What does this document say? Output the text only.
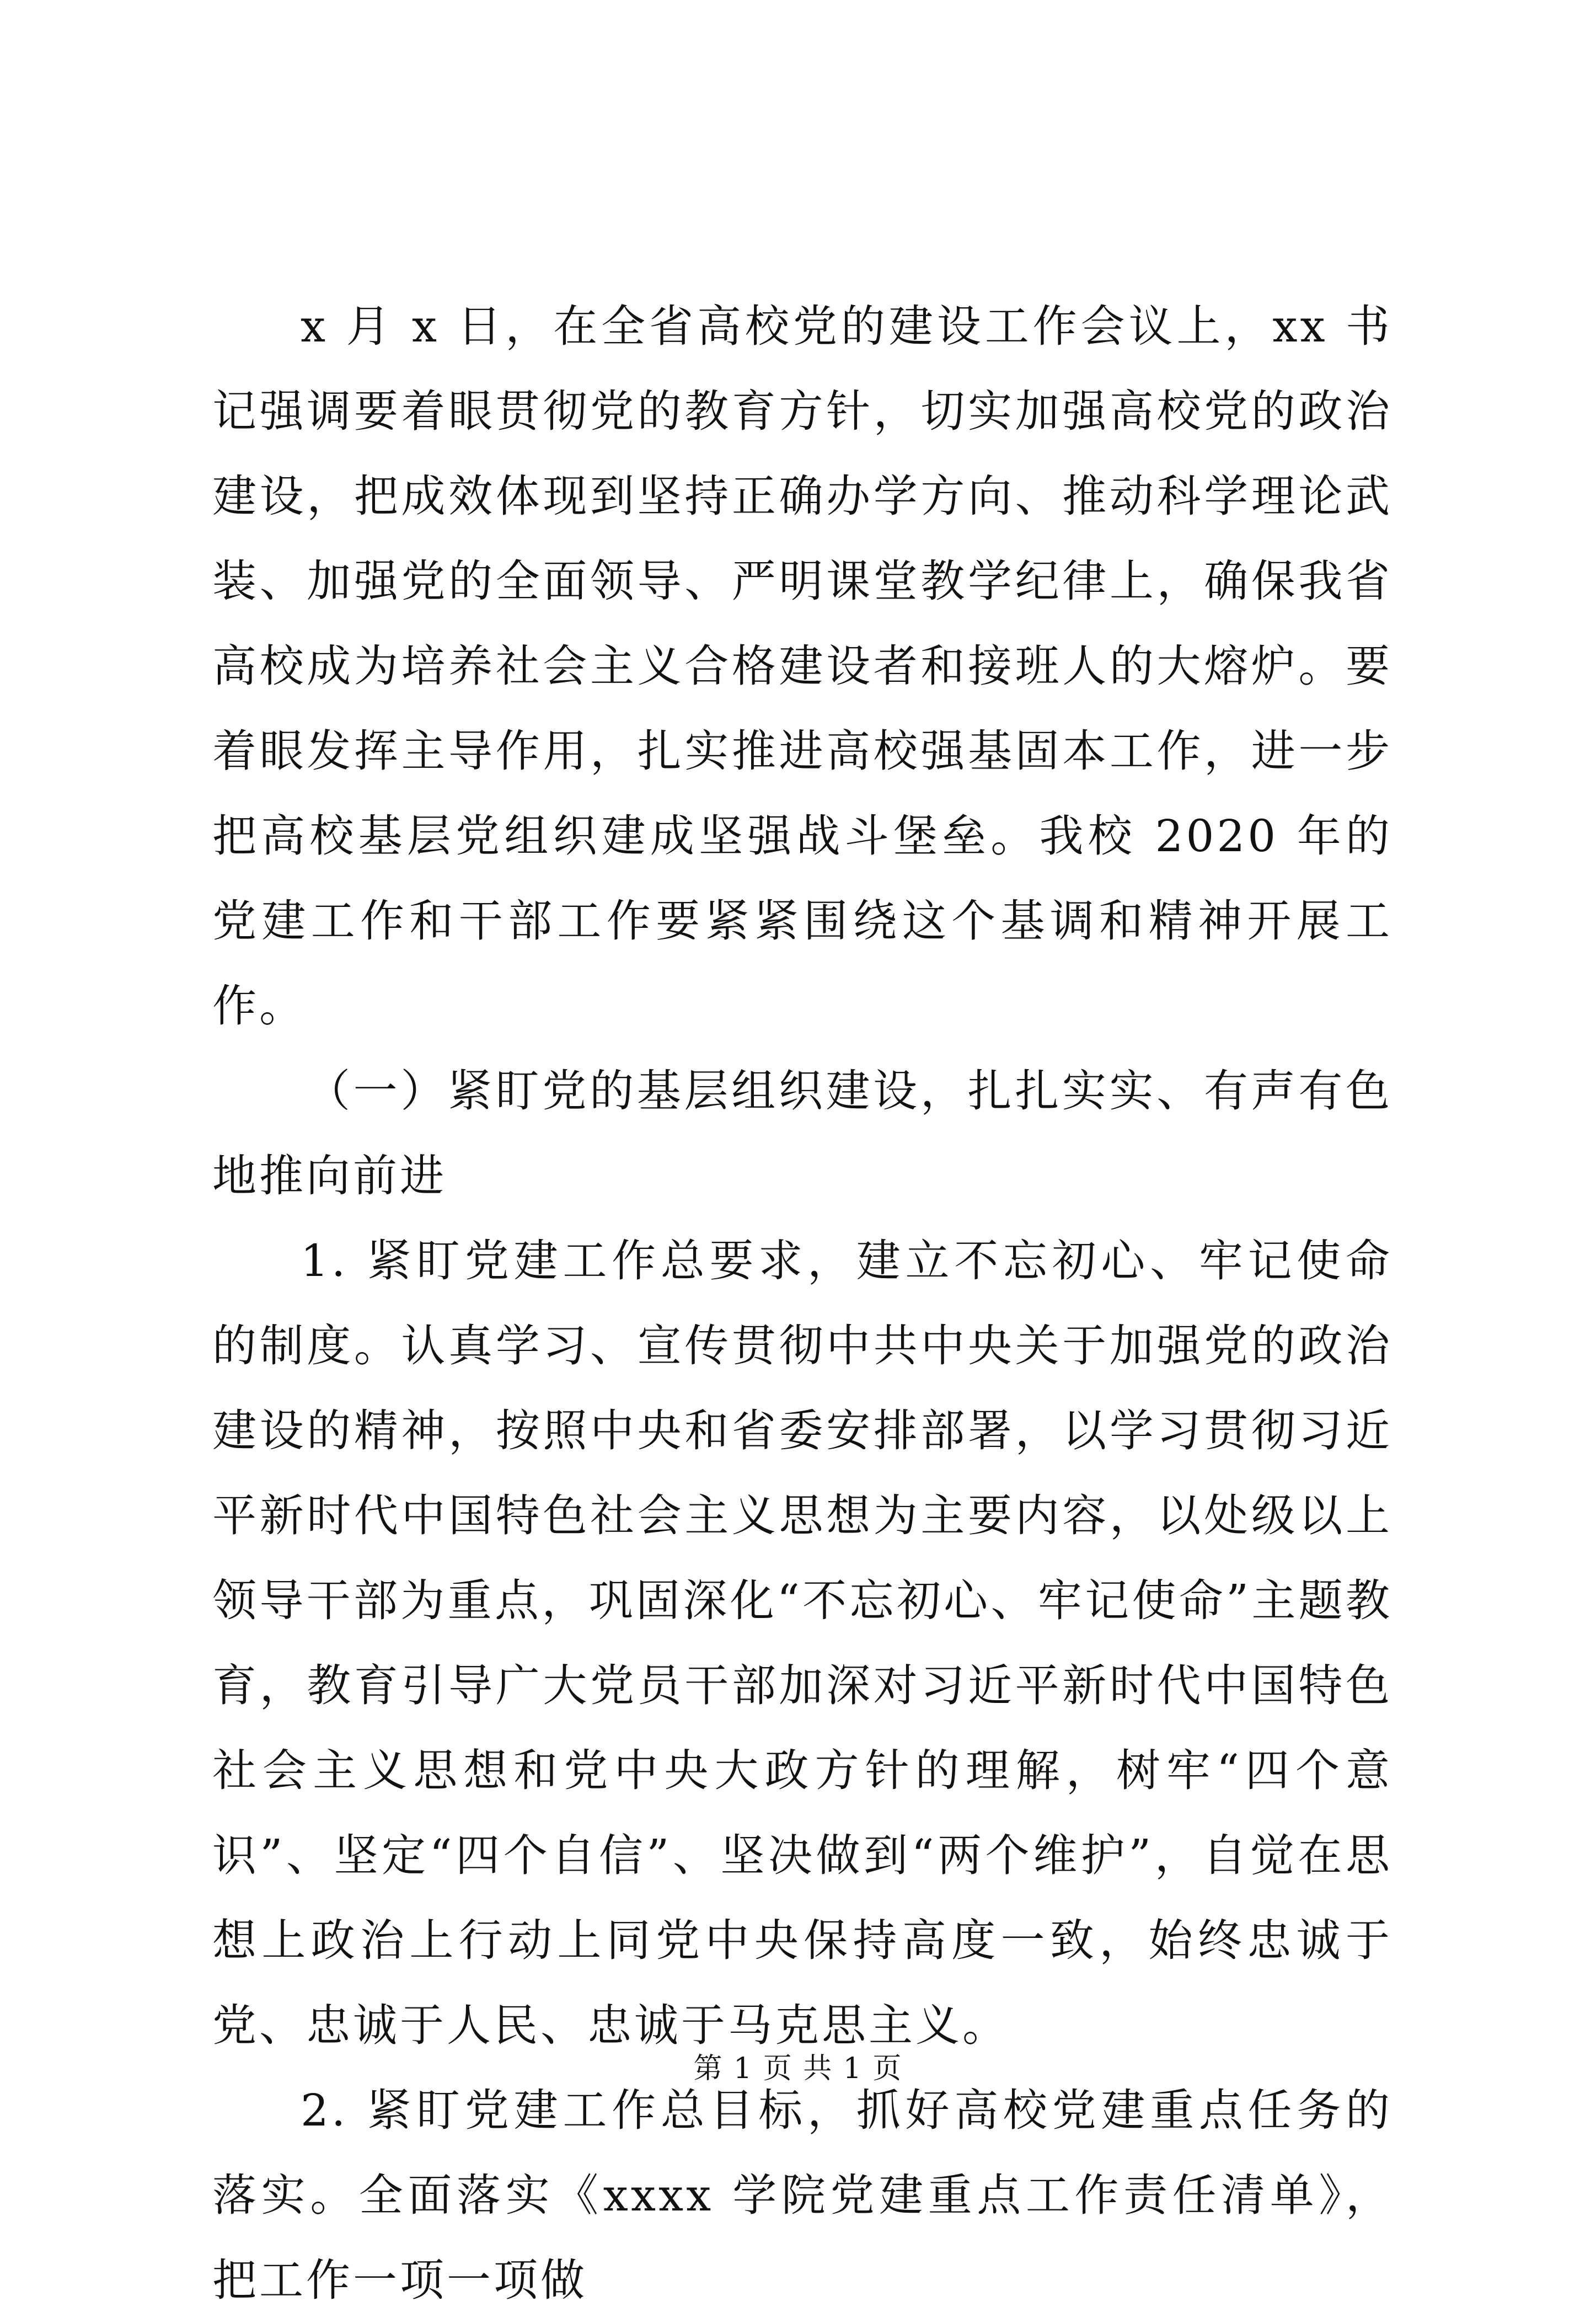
x 月 x 日，在全省高校党的建设工作会议上，xx 书记强调要着眼贯彻党的教育方针，切实加强高校党的政治建设，把成效体现到坚持正确办学方向、推动科学理论武装、加强党的全面领导、严明课堂教学纪律上，确保我省高校成为培养社会主义合格建设者和接班人的大熔炉。要着眼发挥主导作用，扎实推进高校强基固本工作，进一步把高校基层党组织建成坚强战斗堡垒。我校 2020 年的党建工作和干部工作要紧紧围绕这个基调和精神开展工作。

（一）紧盯党的基层组织建设，扎扎实实、有声有色地推向前进

1. 紧盯党建工作总要求，建立不忘初心、牢记使命的制度。认真学习、宣传贯彻中共中央关于加强党的政治建设的精神，按照中央和省委安排部署，以学习贯彻习近平新时代中国特色社会主义思想为主要内容，以处级以上领导干部为重点，巩固深化“不忘初心、牢记使命”主题教育，教育引导广大党员干部加深对习近平新时代中国特色社会主义思想和党中央大政方针的理解，树牢“四个意识”、坚定“四个自信”、坚决做到“两个维护”，自觉在思想上政治上行动上同党中央保持高度一致，始终忠诚于党、忠诚于人民、忠诚于马克思主义。

2. 紧盯党建工作总目标，抓好高校党建重点任务的落实。全面落实《xxxx 学院党建重点工作责任清单》，把工作一项一项做

第 1 页 共 1 页
